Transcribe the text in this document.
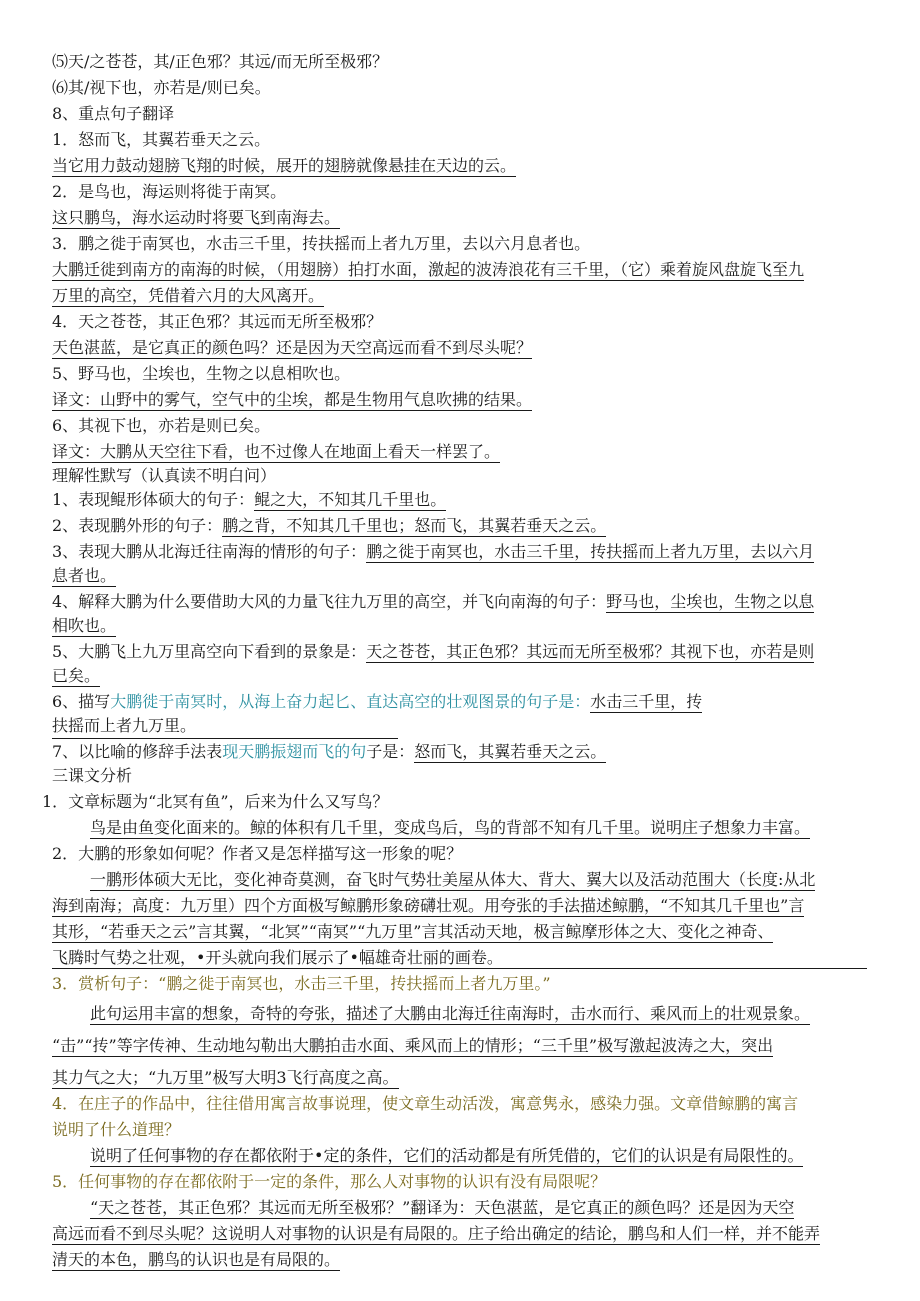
⑸天/之苍苍，其/正色邪？其远/而无所至极邪？
⑹其/视下也，亦若是/则已矣。
8、重点句子翻译
1．怒而飞，其翼若垂天之云。
当它用力鼓动翅膀飞翔的时候，展开的翅膀就像悬挂在天边的云。
2．是鸟也，海运则将徙于南冥。
这只鹏鸟，海水运动时将要飞到南海去。
3．鹏之徙于南冥也，水击三千里，抟扶摇而上者九万里，去以六月息者也。
大鹏迁徙到南方的南海的时候，（用翅膀）拍打水面，激起的波涛浪花有三千里，（它）乘着旋风盘旋飞至九
万里的高空，凭借着六月的大风离开。
4．天之苍苍，其正色邪？其远而无所至极邪？
天色湛蓝，是它真正的颜色吗？还是因为天空高远而看不到尽头呢？
5、野马也，尘埃也，生物之以息相吹也。
译文：山野中的雾气，空气中的尘埃，都是生物用气息吹拂的结果。
6、其视下也，亦若是则已矣。
译文：大鹏从天空往下看，也不过像人在地面上看天一样罢了。
理解性默写（认真读不明白问）
1、表现鲲形体硕大的句子：鲲之大，不知其几千里也。
2、表现鹏外形的句子：鹏之背，不知其几千里也；怒而飞，其翼若垂天之云。
3、表现大鹏从北海迁往南海的情形的句子：鹏之徙于南冥也，水击三千里，抟扶摇而上者九万里，去以六月
息者也。
4、解释大鹏为什么要借助大风的力量飞往九万里的高空，并飞向南海的句子：野马也，尘埃也，生物之以息
相吹也。
5、大鹏飞上九万里高空向下看到的景象是：天之苍苍，其正色邪？其远而无所至极邪？其视下也，亦若是则
已矣。
6、描写大鹏徙于南冥时，从海上奋力起匕、直达高空的壮观图景的句子是：水击三千里，抟
扶摇而上者九万里。
7、以比喻的修辞手法表现天鹏振翅而飞的句子是：怒而飞，其翼若垂天之云。
三课文分析
1．文章标题为“北冥有鱼”，后来为什么又写鸟？
鸟是由鱼变化面来的。鲸的体积有几千里，变成鸟后，鸟的背部不知有几千里。说明庄子想象力丰富。
2．大鹏的形象如何呢？作者又是怎样描写这一形象的呢？
一鹏形体硕大无比，变化神奇莫测，奋飞时气势壮美屋从体大、背大、翼大以及活动范围大（长度:从北
海到南海；高度：九万里）四个方面极写鲸鹏形象磅礴壮观。用夸张的手法描述鲸鹏，“不知其几千里也”言
其形，“若垂天之云”言其翼，“北冥”“南冥”“九万里”言其活动天地，极言鲸摩形体之大、变化之神奇、
飞腾时气势之壮观，•开头就向我们展示了•幅雄奇壮丽的画卷。
3．赏析句子：“鹏之徙于南冥也，水击三千里，抟扶摇而上者九万里。”
此句运用丰富的想象，奇特的夸张，描述了大鹏由北海迁往南海时，击水而行、乘风而上的壮观景象。
“击”“抟”等字传神、生动地勾勒出大鹏拍击水面、乘风而上的情形；“三千里”极写激起波涛之大，突出
其力气之大；“九万里”极写大明3飞行高度之高。
4．在庄子的作品中，往往借用寓言故事说理，使文章生动活泼，寓意隽永，感染力强。文章借鲸鹏的寓言
说明了什么道理？
说明了任何事物的存在都依附于•定的条件，它们的活动都是有所凭借的，它们的认识是有局限性的。
5．任何事物的存在都依附于一定的条件，那么人对事物的认识有没有局限呢？
“天之苍苍，其正色邪？其远而无所至极邪？”翻译为：天色湛蓝，是它真正的颜色吗？还是因为天空
高远而看不到尽头呢？这说明人对事物的认识是有局限的。庄子给出确定的结论，鹏鸟和人们一样，并不能弄
清天的本色，鹏鸟的认识也是有局限的。
